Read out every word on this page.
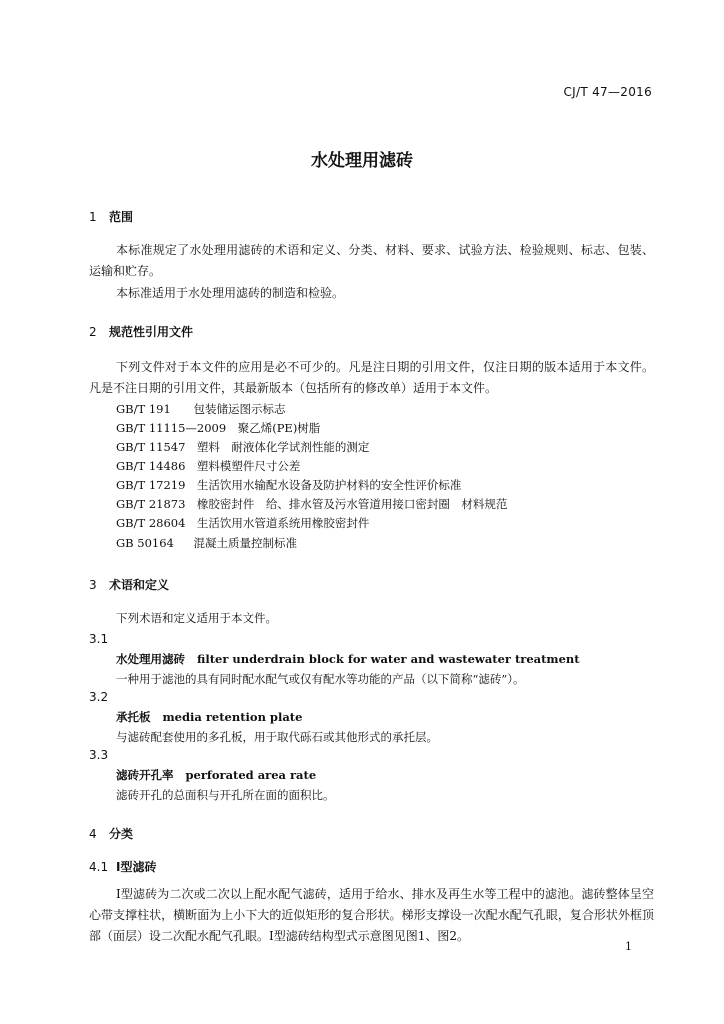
CJ/T 47—2016
水处理用滤砖
1 范围
本标准规定了水处理用滤砖的术语和定义、分类、材料、要求、试验方法、检验规则、标志、包装、运输和贮存。
本标准适用于水处理用滤砖的制造和检验。
2 规范性引用文件
下列文件对于本文件的应用是必不可少的。凡是注日期的引用文件，仅注日期的版本适用于本文件。凡是不注日期的引用文件，其最新版本（包括所有的修改单）适用于本文件。
GB/T 191　 包装储运图示标志
GB/T 11115—2009　 聚乙烯(PE)树脂
GB/T 11547　 塑料　耐液体化学试剂性能的测定
GB/T 14486　 塑料模塑件尺寸公差
GB/T 17219　 生活饮用水输配水设备及防护材料的安全性评价标准
GB/T 21873　 橡胶密封件　给、排水管及污水管道用接口密封圈　材料规范
GB/T 28604　 生活饮用水管道系统用橡胶密封件
GB 50164　 混凝土质量控制标准
3 术语和定义
下列术语和定义适用于本文件。
3.1
水处理用滤砖 filter underdrain block for water and wastewater treatment
一种用于滤池的具有同时配水配气或仅有配水等功能的产品（以下简称“滤砖”）。
3.2
承托板 media retention plate
与滤砖配套使用的多孔板，用于取代砾石或其他形式的承托层。
3.3
滤砖开孔率 perforated area rate
滤砖开孔的总面积与开孔所在面的面积比。
4 分类
4.1 Ⅰ型滤砖
Ⅰ型滤砖为二次或二次以上配水配气滤砖，适用于给水、排水及再生水等工程中的滤池。滤砖整体呈空心带支撑柱状，横断面为上小下大的近似矩形的复合形状。梯形支撑设一次配水配气孔眼，复合形状外框顶部（面层）设二次配水配气孔眼。Ⅰ型滤砖结构型式示意图见图1、图2。
1
